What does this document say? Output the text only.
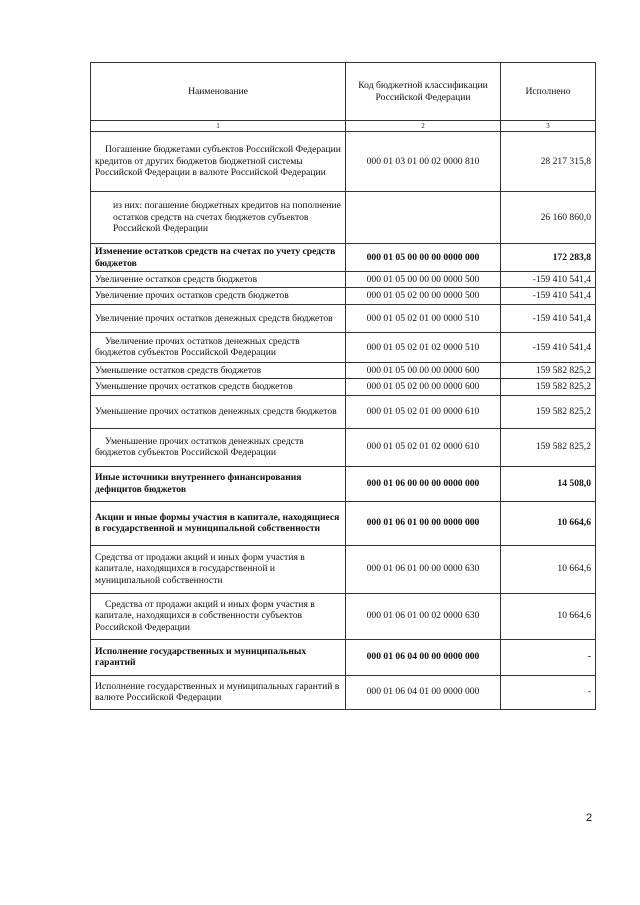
Наименование	Код бюджетной классификации Российской Федерации	Исполнено
1	2	3
Погашение бюджетами субъектов Российской Федерации кредитов от других бюджетов бюджетной системы Российской Федерации в валюте Российской Федерации	000 01 03 01 00 02 0000 810	28 217 315,8
из них: погашение бюджетных кредитов на пополнение остатков средств на счетах бюджетов субъектов Российской Федерации		26 160 860,0
Изменение остатков средств на счетах по учету средств бюджетов	000 01 05 00 00 00 0000 000	172 283,8
Увеличение остатков средств бюджетов	000 01 05 00 00 00 0000 500	-159 410 541,4
Увеличение прочих остатков средств бюджетов	000 01 05 02 00 00 0000 500	-159 410 541,4
Увеличение прочих остатков денежных средств бюджетов	000 01 05 02 01 00 0000 510	-159 410 541,4
Увеличение прочих остатков денежных средств бюджетов субъектов Российской Федерации	000 01 05 02 01 02 0000 510	-159 410 541,4
Уменьшение остатков средств бюджетов	000 01 05 00 00 00 0000 600	159 582 825,2
Уменьшение прочих остатков средств бюджетов	000 01 05 02 00 00 0000 600	159 582 825,2
Уменьшение прочих остатков денежных средств бюджетов	000 01 05 02 01 00 0000 610	159 582 825,2
Уменьшение прочих остатков денежных средств бюджетов субъектов Российской Федерации	000 01 05 02 01 02 0000 610	159 582 825,2
Иные источники внутреннего финансирования дефицитов бюджетов	000 01 06 00 00 00 0000 000	14 508,0
Акции и иные формы участия в капитале, находящиеся в государственной и муниципальной собственности	000 01 06 01 00 00 0000 000	10 664,6
Средства от продажи акций и иных форм участия в капитале, находящихся в государственной и муниципальной собственности	000 01 06 01 00 00 0000 630	10 664,6
Средства от продажи акций и иных форм участия в капитале, находящихся в собственности субъектов Российской Федерации	000 01 06 01 00 02 0000 630	10 664,6
Исполнение государственных и муниципальных гарантий	000 01 06 04 00 00 0000 000	-
Исполнение государственных и муниципальных гарантий в валюте Российской Федерации	000 01 06 04 01 00 0000 000	-
2
